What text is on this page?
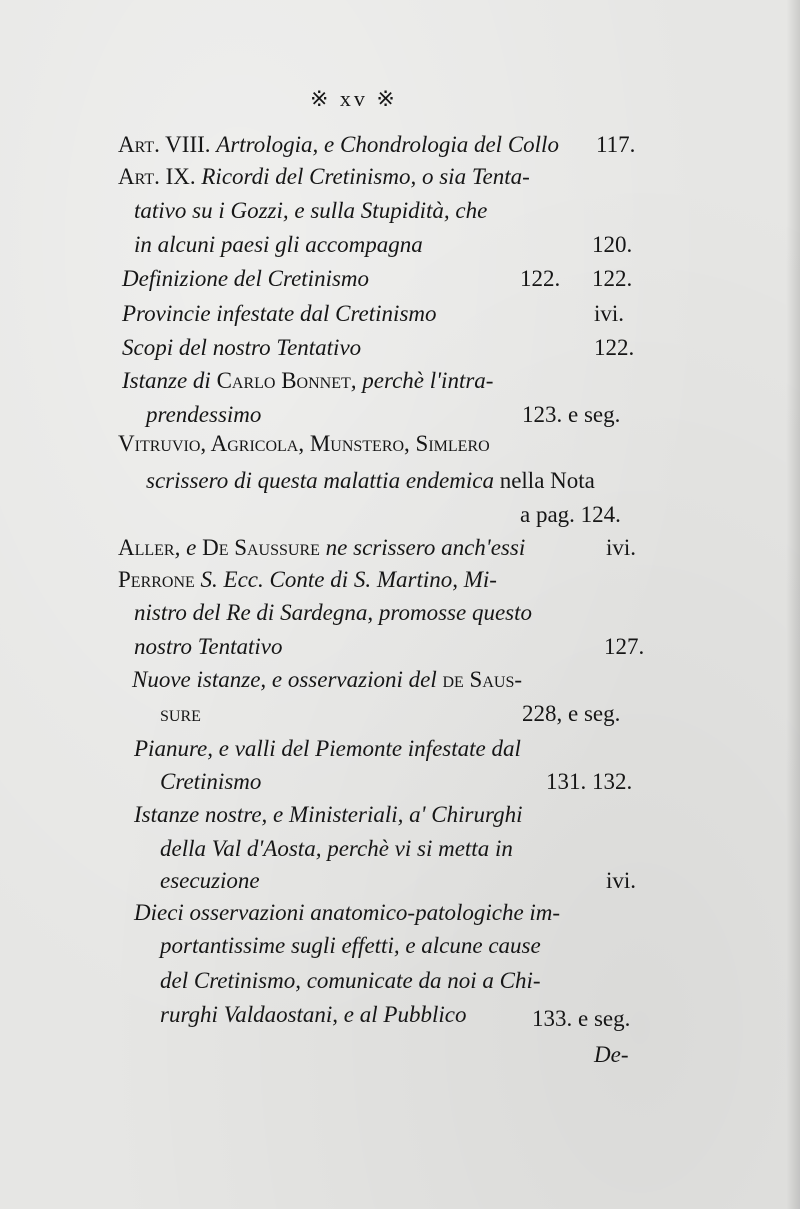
※ xv ※
Art. VIII. Artrologia, e Chondrologia del Collo 117.
Art. IX. Ricordi del Cretinismo, o sia Tenta-
tativo su i Gozzi, e sulla Stupidità, che
in alcuni paesi gli accompagna	120.
Definizione del Cretinismo	122. 122.
Provincie infestate dal Cretinismo	ivi.
Scopi del nostro Tentativo	122.
Istanze di Carlo Bonnet, perchè l'intra-
prendessimo	123. e seg.
Vitruvio, Agricola, Munstero, Simlero
scrissero di questa malattia endemica nella Nota
a pag. 124.
Aller, e De Saussure ne scrissero anch'essi	ivi.
Perrone S. Ecc. Conte di S. Martino, Mi-
nistro del Re di Sardegna, promosse questo
nostro Tentativo	127.
Nuove istanze, e osservazioni del de Saus-
sure	228, e seg.
Pianure, e valli del Piemonte infestate dal
Cretinismo	131. 132.
Istanze nostre, e Ministeriali, a' Chirurghi
della Val d'Aosta, perchè vi si metta in
esecuzione	ivi.
Dieci osservazioni anatomico-patologiche im-
portantissime sugli effetti, e alcune cause
del Cretinismo, comunicate da noi a Chi-
rurghi Valdaostani, e al Pubblico	133. e seg.
De-
